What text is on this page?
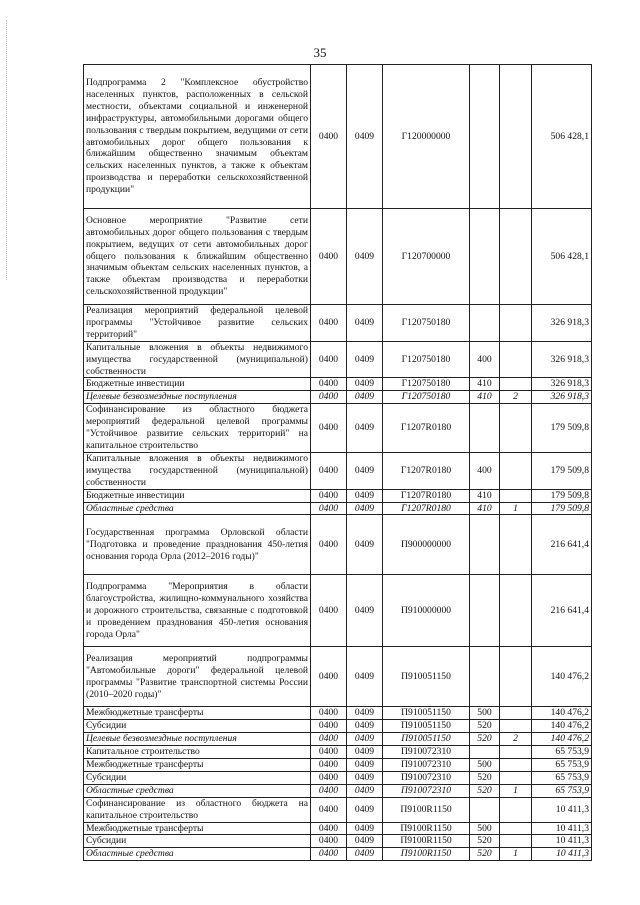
35
Подпрограмма 2 "Комплексное обустройство населенных пунктов, расположенных в сельской местности, объектами социальной и инженерной инфраструктуры, автомобильными дорогами общего пользования с твердым покрытием, ведущими от сети автомобильных дорог общего пользования к ближайшим общественно значимым объектам сельских населенных пунктов, а также к объектам производства и переработки сельскохозяйственной продукции"	0400	0409	Г120000000			506 428,1
Основное мероприятие "Развитие сети автомобильных дорог общего пользования с твердым покрытием, ведущих от сети автомобильных дорог общего пользования к ближайшим общественно значимым объектам сельских населенных пунктов, а также объектам производства и переработки сельскохозяйственной продукции"	0400	0409	Г120700000			506 428,1
Реализация мероприятий федеральной целевой программы "Устойчивое развитие сельских территорий"	0400	0409	Г120750180			326 918,3
Капитальные вложения в объекты недвижимого имущества государственной (муниципальной) собственности	0400	0409	Г120750180	400		326 918,3
Бюджетные инвестиции	0400	0409	Г120750180	410		326 918,3
Целевые безвозмездные поступления	0400	0409	Г120750180	410	2	326 918,3
Софинансирование из областного бюджета мероприятий федеральной целевой программы "Устойчивое развитие сельских территорий" на капитальное строительство	0400	0409	Г1207R0180			179 509,8
Капитальные вложения в объекты недвижимого имущества государственной (муниципальной) собственности	0400	0409	Г1207R0180	400		179 509,8
Бюджетные инвестиции	0400	0409	Г1207R0180	410		179 509,8
Областные средства	0400	0409	Г1207R0180	410	1	179 509,8
Государственная программа Орловской области "Подготовка и проведение празднования 450-летия основания города Орла (2012–2016 годы)"	0400	0409	П900000000			216 641,4
Подпрограмма "Мероприятия в области благоустройства, жилищно-коммунального хозяйства и дорожного строительства, связанные с подготовкой и проведением празднования 450-летия основания города Орла"	0400	0409	П910000000			216 641,4
Реализация мероприятий подпрограммы "Автомобильные дороги" федеральной целевой программы "Развитие транспортной системы России (2010–2020 годы)"	0400	0409	П910051150			140 476,2
Межбюджетные трансферты	0400	0409	П910051150	500		140 476,2
Субсидии	0400	0409	П910051150	520		140 476,2
Целевые безвозмездные поступления	0400	0409	П910051150	520	2	140 476,2
Капитальное строительство	0400	0409	П910072310			65 753,9
Межбюджетные трансферты	0400	0409	П910072310	500		65 753,9
Субсидии	0400	0409	П910072310	520		65 753,9
Областные средства	0400	0409	П910072310	520	1	65 753,9
Софинансирование из областного бюджета на капитальное строительство	0400	0409	П9100R1150			10 411,3
Межбюджетные трансферты	0400	0409	П9100R1150	500		10 411,3
Субсидии	0400	0409	П9100R1150	520		10 411,3
Областные средства	0400	0409	П9100R1150	520	1	10 411,3
